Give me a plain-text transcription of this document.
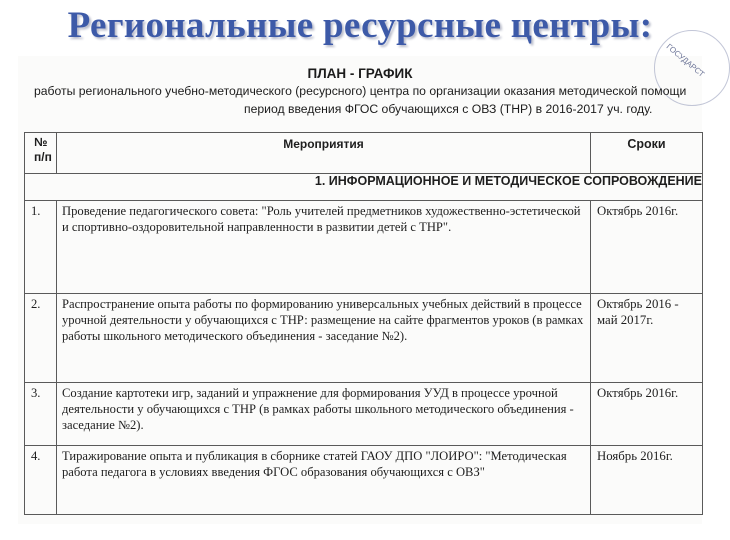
Региональные ресурсные центры:
ГОСУДАРСТ
ПЛАН - ГРАФИК
работы регионального учебно-методического (ресурсного) центра по организации оказания методической помощи
период введения ФГОС обучающихся с ОВЗ (ТНР) в 2016-2017 уч. году.
№
п/п	Мероприятия	Сроки
1. ИНФОРМАЦИОННОЕ И МЕТОДИЧЕСКОЕ СОПРОВОЖДЕНИЕ		
1.	Проведение педагогического совета: "Роль учителей предметников художественно-эстетической и спортивно-оздоровительной направленности в развитии детей с ТНР".	Октябрь 2016г.
2.	Распространение опыта работы по формированию универсальных учебных действий в процессе урочной деятельности у обучающихся с ТНР: размещение на сайте фрагментов уроков (в рамках работы школьного методического объединения - заседание №2).	Октябрь 2016 - май 2017г.
3.	Создание картотеки игр, заданий и упражнение для формирования УУД в процессе урочной деятельности у обучающихся с ТНР (в рамках работы школьного методического объединения - заседание №2).	Октябрь 2016г.
4.	Тиражирование опыта и публикация в сборнике статей ГАОУ ДПО "ЛОИРО": "Методическая работа педагога в условиях введения ФГОС образования обучающихся с ОВЗ"	Ноябрь 2016г.
